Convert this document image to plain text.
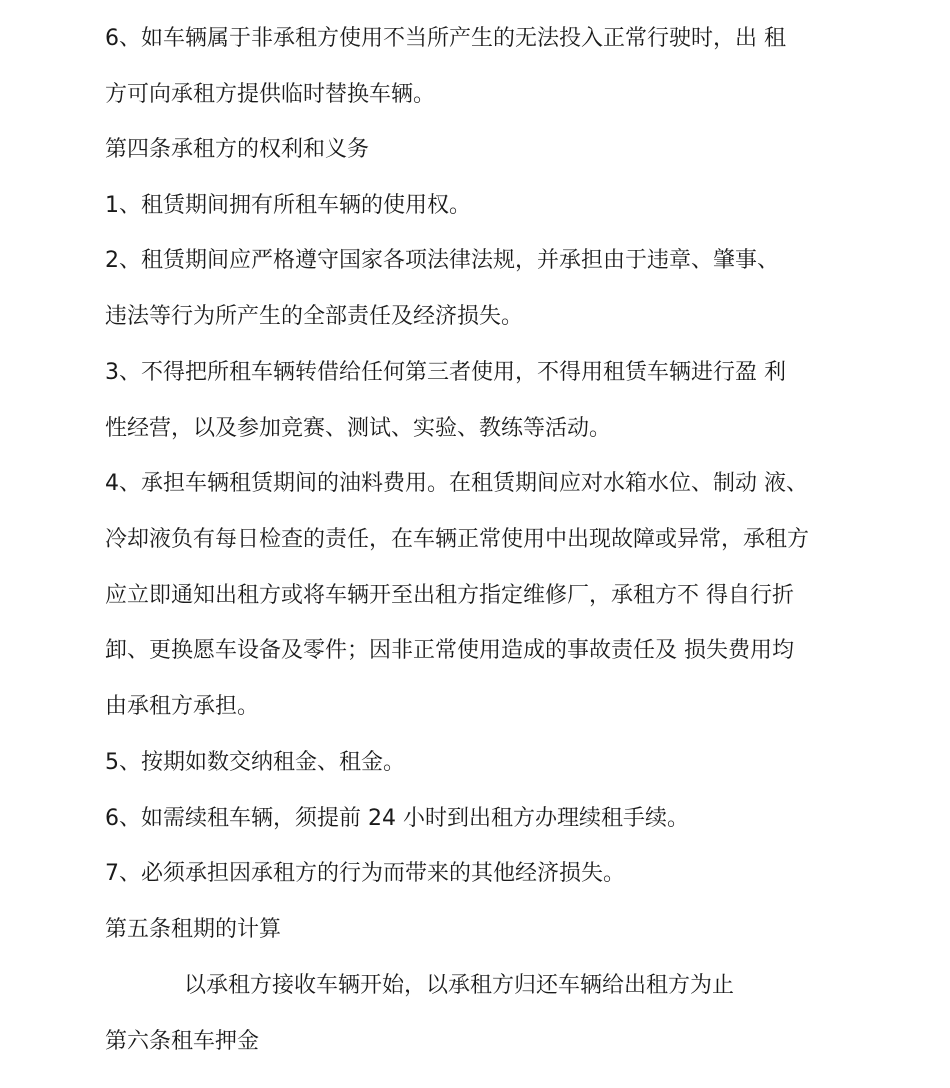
6、如车辆属于非承租方使用不当所产生的无法投入正常行驶时，出 租
方可向承租方提供临时替换车辆。
第四条承租方的权利和义务
1、租赁期间拥有所租车辆的使用权。
2、租赁期间应严格遵守国家各项法律法规，并承担由于违章、肇事、
违法等行为所产生的全部责任及经济损失。
3、不得把所租车辆转借给任何第三者使用，不得用租赁车辆进行盈 利
性经营，以及参加竞赛、测试、实验、教练等活动。
4、承担车辆租赁期间的油料费用。在租赁期间应对水箱水位、制动 液、
冷却液负有每日检查的责任，在车辆正常使用中出现故障或异常，承租方
应立即通知出租方或将车辆开至出租方指定维修厂，承租方不 得自行折
卸、更换愿车设备及零件；因非正常使用造成的事故责任及 损失费用均
由承租方承担。
5、按期如数交纳租金、租金。
6、如需续租车辆，须提前 24 小时到出租方办理续租手续。
7、必须承担因承租方的行为而带来的其他经济损失。
第五条租期的计算
以承租方接收车辆开始，以承租方归还车辆给出租方为止
第六条租车押金
